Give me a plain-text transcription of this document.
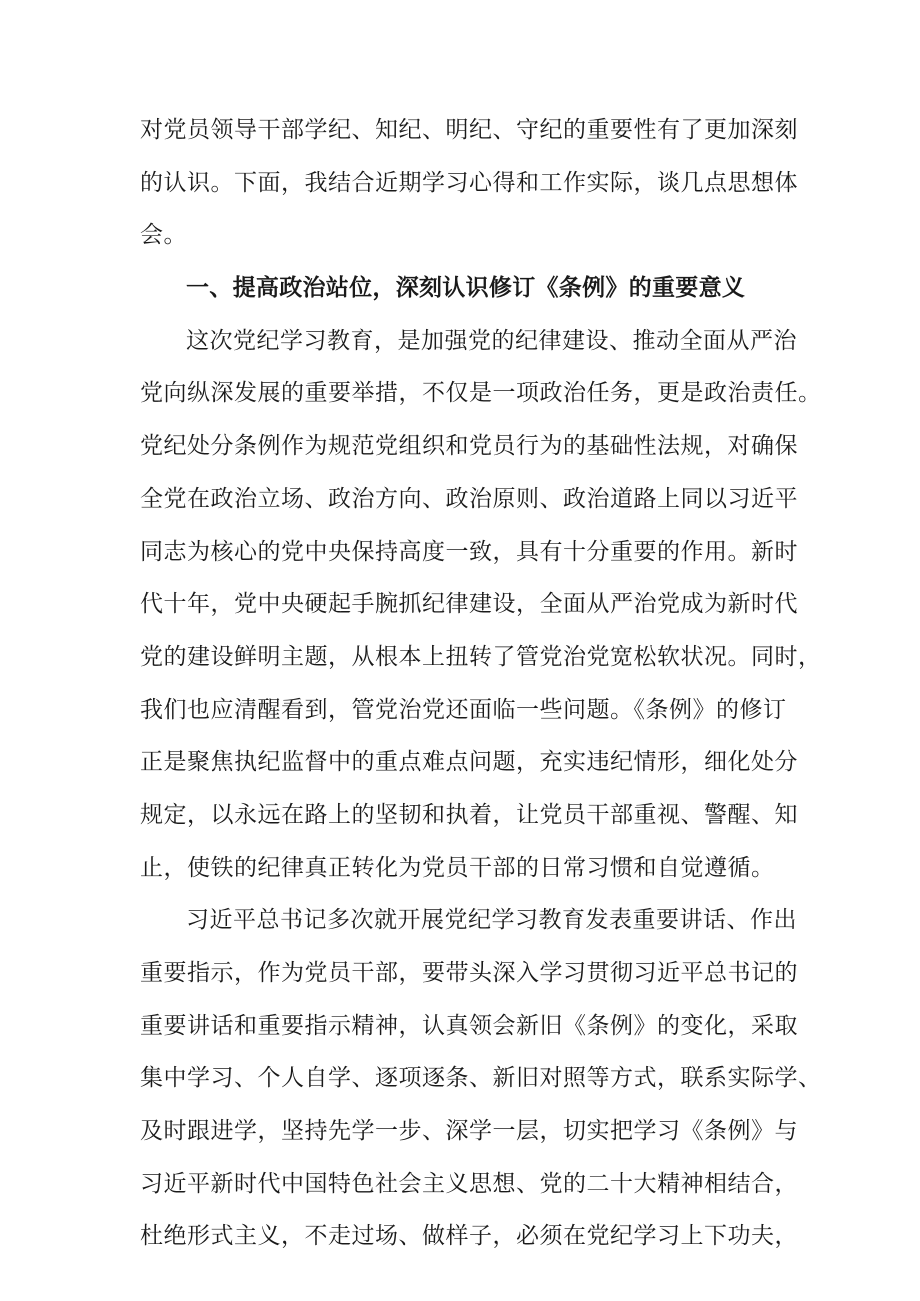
对党员领导干部学纪、知纪、明纪、守纪的重要性有了更加深刻
的认识。下面，我结合近期学习心得和工作实际，谈几点思想体
会。
一、提高政治站位，深刻认识修订《条例》的重要意义
这次党纪学习教育，是加强党的纪律建设、推动全面从严治
党向纵深发展的重要举措，不仅是一项政治任务，更是政治责任。
党纪处分条例作为规范党组织和党员行为的基础性法规，对确保
全党在政治立场、政治方向、政治原则、政治道路上同以习近平
同志为核心的党中央保持高度一致，具有十分重要的作用。新时
代十年，党中央硬起手腕抓纪律建设，全面从严治党成为新时代
党的建设鲜明主题，从根本上扭转了管党治党宽松软状况。同时，
我们也应清醒看到，管党治党还面临一些问题。《条例》的修订
正是聚焦执纪监督中的重点难点问题，充实违纪情形，细化处分
规定，以永远在路上的坚韧和执着，让党员干部重视、警醒、知
止，使铁的纪律真正转化为党员干部的日常习惯和自觉遵循。
习近平总书记多次就开展党纪学习教育发表重要讲话、作出
重要指示，作为党员干部，要带头深入学习贯彻习近平总书记的
重要讲话和重要指示精神，认真领会新旧《条例》的变化，采取
集中学习、个人自学、逐项逐条、新旧对照等方式，联系实际学、
及时跟进学，坚持先学一步、深学一层，切实把学习《条例》与
习近平新时代中国特色社会主义思想、党的二十大精神相结合，
杜绝形式主义，不走过场、做样子，必须在党纪学习上下功夫，
